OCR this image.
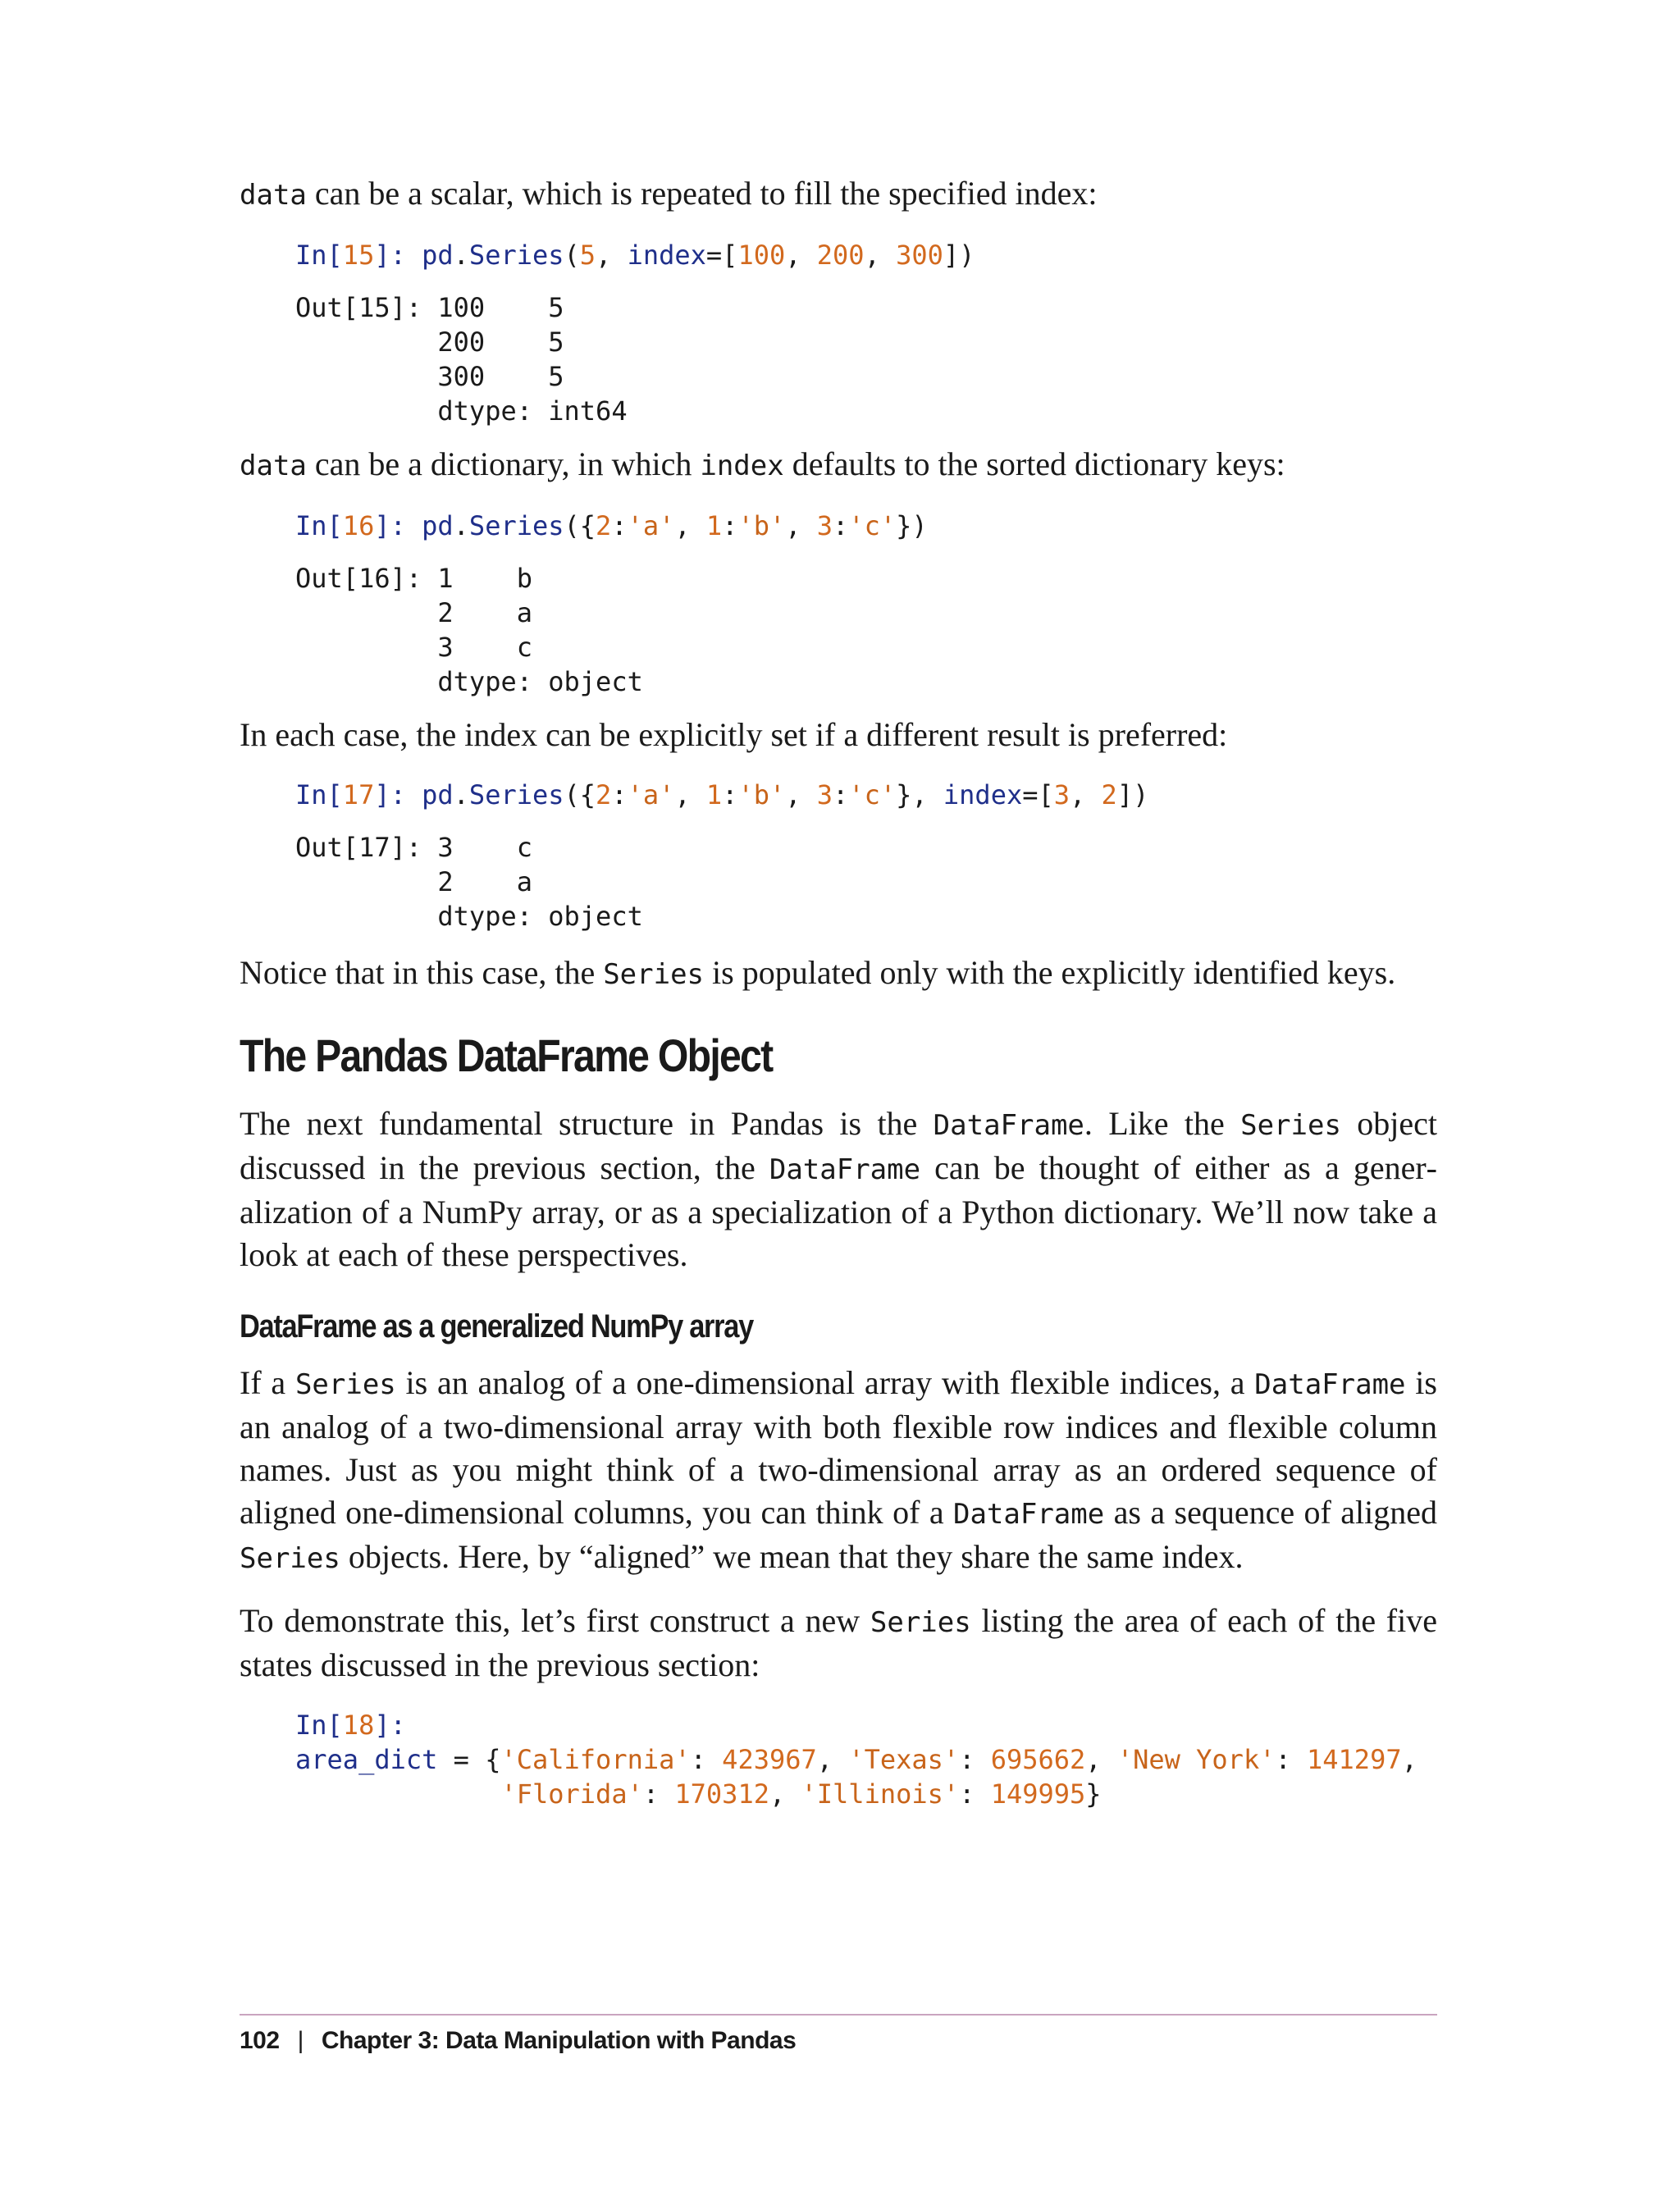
data can be a scalar, which is repeated to fill the specified index:

In[15]: pd.Series(5, index=[100, 200, 300])
Out[15]: 100    5
200    5
300    5
dtype: int64

data can be a dictionary, in which index defaults to the sorted dictionary keys:

In[16]: pd.Series({2:'a', 1:'b', 3:'c'})
Out[16]: 1    b
2    a
3    c
dtype: object

In each case, the index can be explicitly set if a different result is preferred:

In[17]: pd.Series({2:'a', 1:'b', 3:'c'}, index=[3, 2])
Out[17]: 3    c
2    a
dtype: object

Notice that in this case, the Series is populated only with the explicitly identified keys.

The Pandas DataFrame Object

The next fundamental structure in Pandas is the DataFrame. Like the Series object discussed in the previous section, the DataFrame can be thought of either as a generalization of a NumPy array, or as a specialization of a Python dictionary. We’ll now take a look at each of these perspectives.

DataFrame as a generalized NumPy array

If a Series is an analog of a one-dimensional array with flexible indices, a DataFrame is an analog of a two-dimensional array with both flexible row indices and flexible column names. Just as you might think of a two-dimensional array as an ordered sequence of aligned one-dimensional columns, you can think of a DataFrame as a sequence of aligned Series objects. Here, by “aligned” we mean that they share the same index.

To demonstrate this, let’s first construct a new Series listing the area of each of the five states discussed in the previous section:

In[18]:
area_dict = {'California': 423967, 'Texas': 695662, 'New York': 141297,
'Florida': 170312, 'Illinois': 149995}
102 | Chapter 3: Data Manipulation with Pandas
